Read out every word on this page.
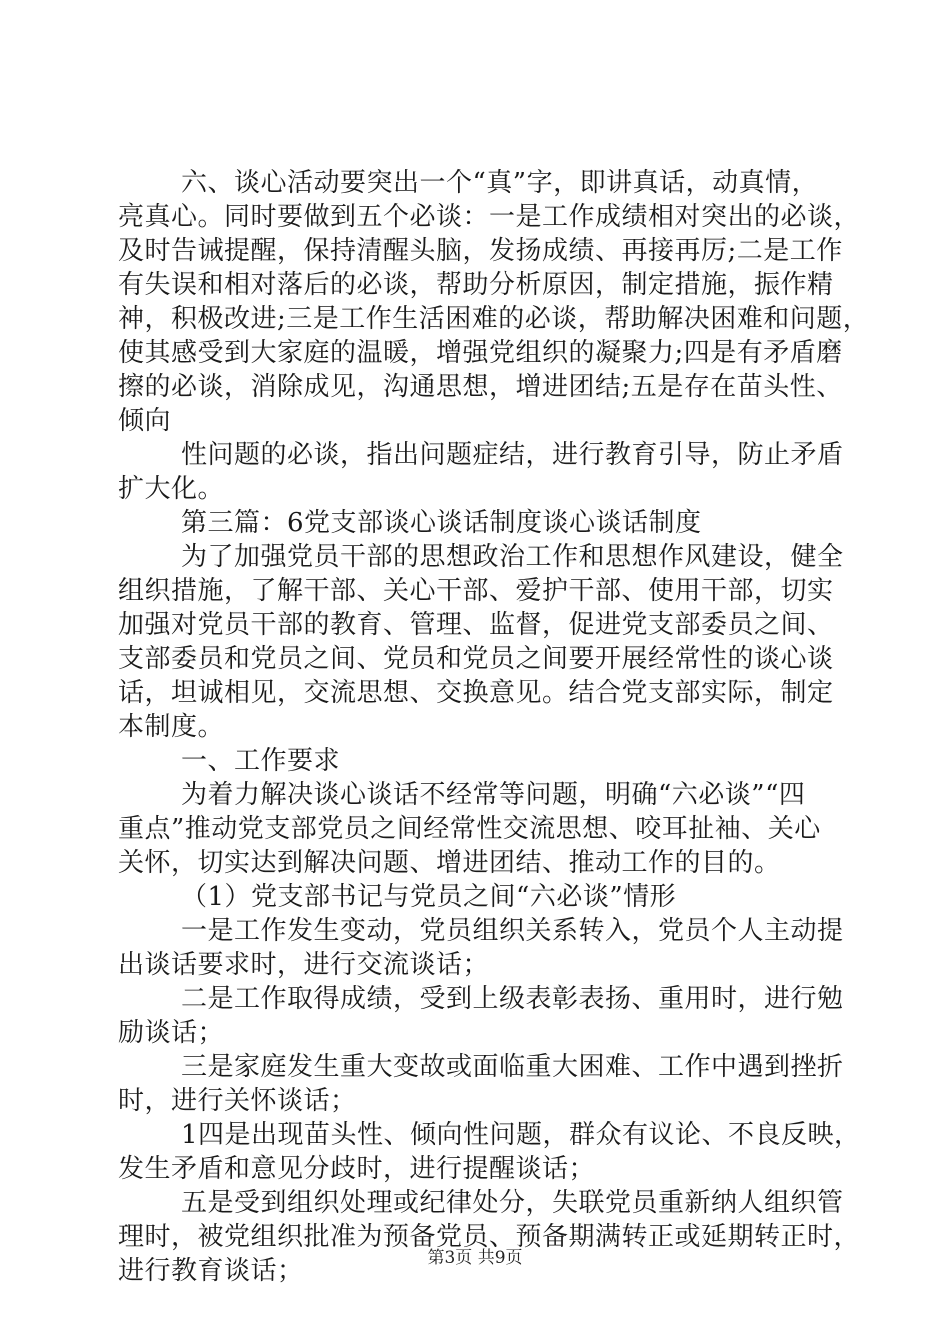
六、谈心活动要突出一个“真”字，即讲真话，动真情，
亮真心。同时要做到五个必谈：一是工作成绩相对突出的必谈，
及时告诫提醒，保持清醒头脑，发扬成绩、再接再厉;二是工作
有失误和相对落后的必谈，帮助分析原因，制定措施，振作精
神，积极改进;三是工作生活困难的必谈，帮助解决困难和问题，
使其感受到大家庭的温暖，增强党组织的凝聚力;四是有矛盾磨
擦的必谈，消除成见，沟通思想，增进团结;五是存在苗头性、
倾向
性问题的必谈，指出问题症结，进行教育引导，防止矛盾
扩大化。
第三篇：6党支部谈心谈话制度谈心谈话制度
为了加强党员干部的思想政治工作和思想作风建设，健全
组织措施，了解干部、关心干部、爱护干部、使用干部，切实
加强对党员干部的教育、管理、监督，促进党支部委员之间、
支部委员和党员之间、党员和党员之间要开展经常性的谈心谈
话，坦诚相见，交流思想、交换意见。结合党支部实际，制定
本制度。
一、工作要求
为着力解决谈心谈话不经常等问题，明确“六必谈”“四
重点”推动党支部党员之间经常性交流思想、咬耳扯袖、关心
关怀，切实达到解决问题、增进团结、推动工作的目的。
（1）党支部书记与党员之间“六必谈”情形
一是工作发生变动，党员组织关系转入，党员个人主动提
出谈话要求时，进行交流谈话；
二是工作取得成绩，受到上级表彰表扬、重用时，进行勉
励谈话；
三是家庭发生重大变故或面临重大困难、工作中遇到挫折
时，进行关怀谈话；
1四是出现苗头性、倾向性问题，群众有议论、不良反映，
发生矛盾和意见分歧时，进行提醒谈话；
五是受到组织处理或纪律处分，失联党员重新纳人组织管
理时，被党组织批准为预备党员、预备期满转正或延期转正时，
进行教育谈话；	第3页 共9页
